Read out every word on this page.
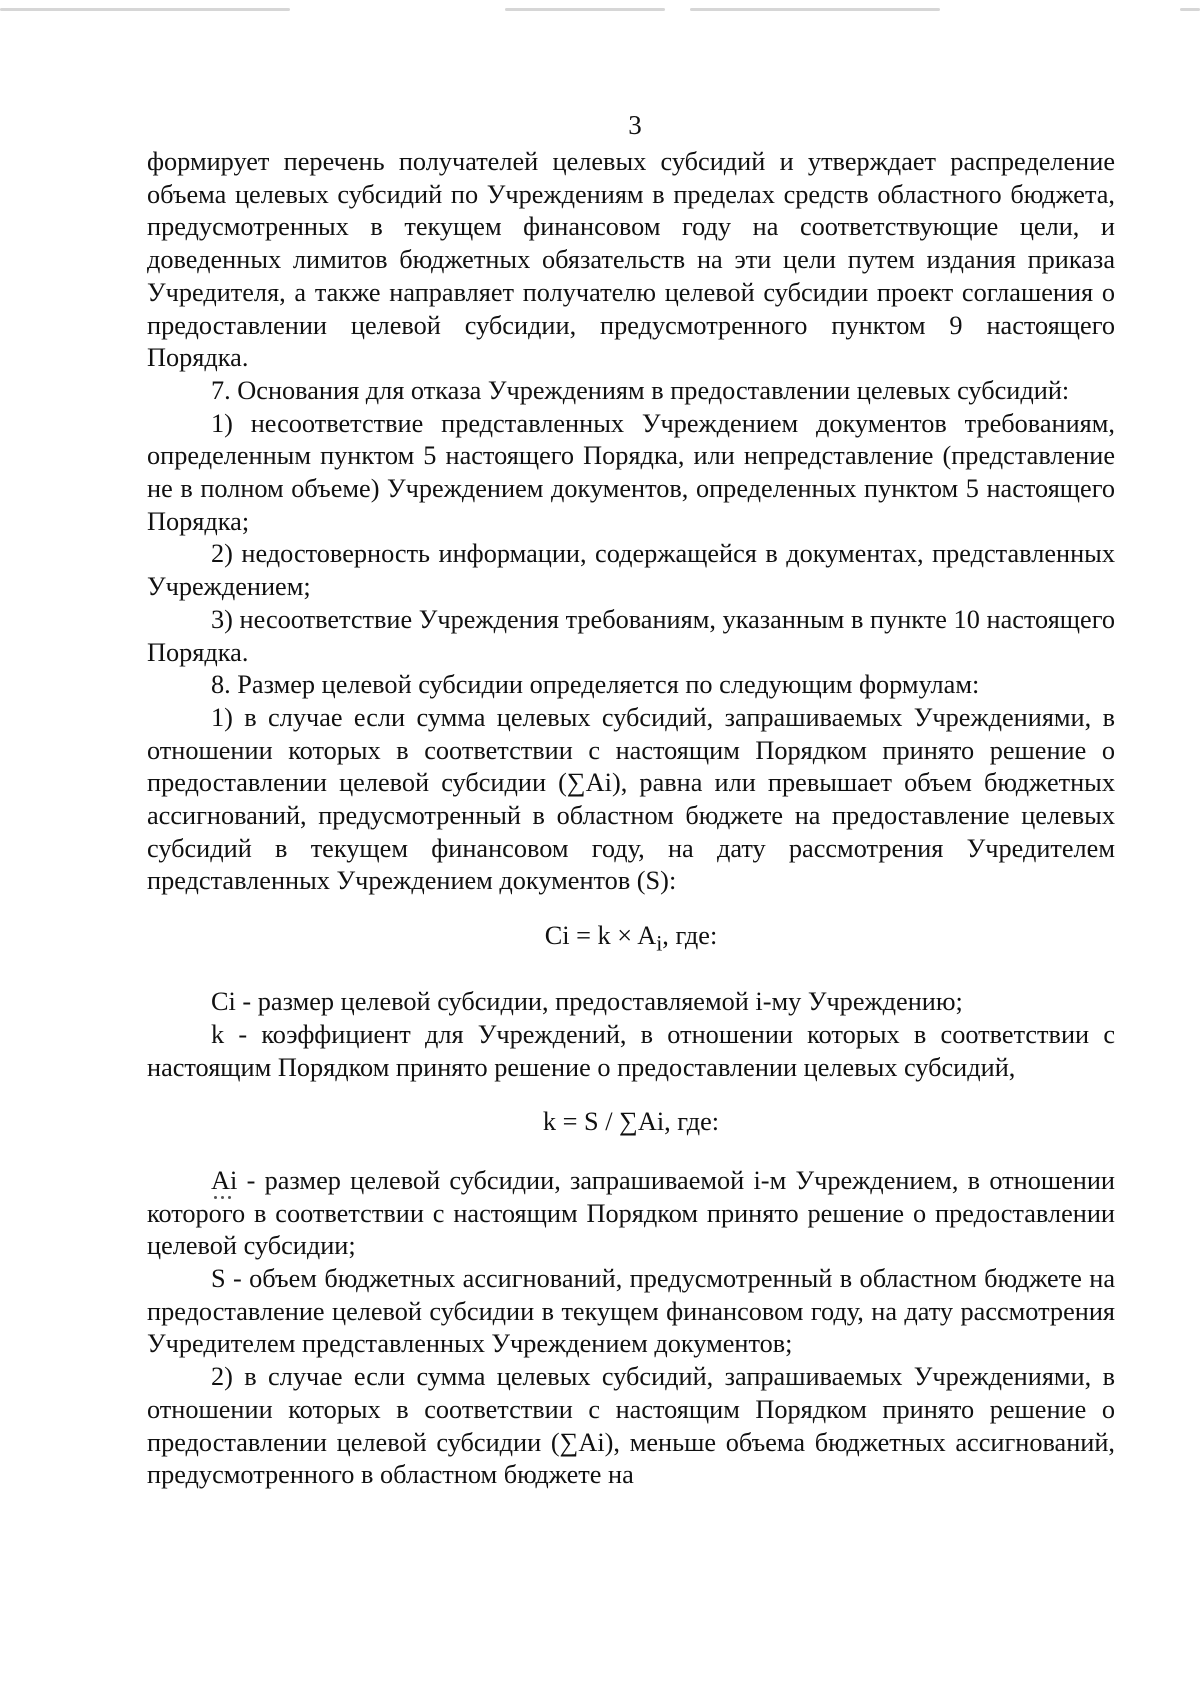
3

формирует перечень получателей целевых субсидий и утверждает распределение объема целевых субсидий по Учреждениям в пределах средств областного бюджета, предусмотренных в текущем финансовом году на соответствующие цели, и доведенных лимитов бюджетных обязательств на эти цели путем издания приказа Учредителя, а также направляет получателю целевой субсидии проект соглашения о предоставлении целевой субсидии, предусмотренного пунктом 9 настоящего Порядка.

7. Основания для отказа Учреждениям в предоставлении целевых субсидий:

1) несоответствие представленных Учреждением документов требованиям, определенным пунктом 5 настоящего Порядка, или непредставление (представление не в полном объеме) Учреждением документов, определенных пунктом 5 настоящего Порядка;

2) недостоверность информации, содержащейся в документах, представленных Учреждением;

3) несоответствие Учреждения требованиям, указанным в пункте 10 настоящего Порядка.

8. Размер целевой субсидии определяется по следующим формулам:

1) в случае если сумма целевых субсидий, запрашиваемых Учреждениями, в отношении которых в соответствии с настоящим Порядком принято решение о предоставлении целевой субсидии (∑Ai), равна или превышает объем бюджетных ассигнований, предусмотренный в областном бюджете на предоставление целевых субсидий в текущем финансовом году, на дату рассмотрения Учредителем представленных Учреждением документов (S):

$Ci = k \times A_i$, где:

Ci - размер целевой субсидии, предоставляемой i-му Учреждению;

k - коэффициент для Учреждений, в отношении которых в соответствии с настоящим Порядком принято решение о предоставлении целевых субсидий,

k = S / ∑Ai, где:

Ai - размер целевой субсидии, запрашиваемой i-м Учреждением, в отношении которого в соответствии с настоящим Порядком принято решение о предоставлении целевой субсидии;

S - объем бюджетных ассигнований, предусмотренный в областном бюджете на предоставление целевой субсидии в текущем финансовом году, на дату рассмотрения Учредителем представленных Учреждением документов;

2) в случае если сумма целевых субсидий, запрашиваемых Учреждениями, в отношении которых в соответствии с настоящим Порядком принято решение о предоставлении целевой субсидии (∑Ai), меньше объема бюджетных ассигнований, предусмотренного в областном бюджете на
